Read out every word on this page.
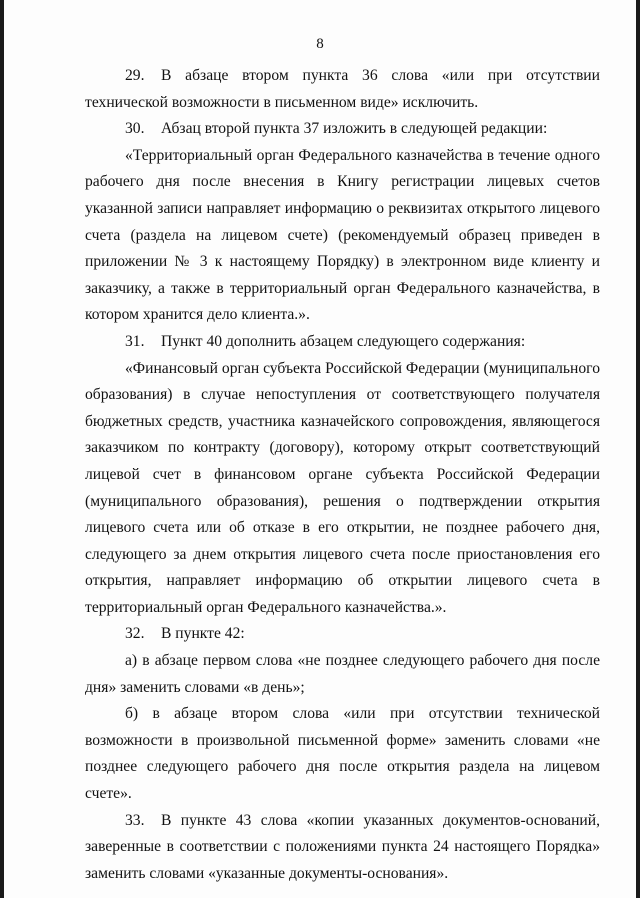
8

29. В абзаце втором пункта 36 слова «или при отсутствии технической возможности в письменном виде» исключить.

30. Абзац второй пункта 37 изложить в следующей редакции:

«Территориальный орган Федерального казначейства в течение одного рабочего дня после внесения в Книгу регистрации лицевых счетов указанной записи направляет информацию о реквизитах открытого лицевого счета (раздела на лицевом счете) (рекомендуемый образец приведен в приложении № 3 к настоящему Порядку) в электронном виде клиенту и заказчику, а также в территориальный орган Федерального казначейства, в котором хранится дело клиента.».

31. Пункт 40 дополнить абзацем следующего содержания:

«Финансовый орган субъекта Российской Федерации (муниципального образования) в случае непоступления от соответствующего получателя бюджетных средств, участника казначейского сопровождения, являющегося заказчиком по контракту (договору), которому открыт соответствующий лицевой счет в финансовом органе субъекта Российской Федерации (муниципального образования), решения о подтверждении открытия лицевого счета или об отказе в его открытии, не позднее рабочего дня, следующего за днем открытия лицевого счета после приостановления его открытия, направляет информацию об открытии лицевого счета в территориальный орган Федерального казначейства.».

32. В пункте 42:

а) в абзаце первом слова «не позднее следующего рабочего дня после дня» заменить словами «в день»;

б) в абзаце втором слова «или при отсутствии технической возможности в произвольной письменной форме» заменить словами «не позднее следующего рабочего дня после открытия раздела на лицевом счете».

33. В пункте 43 слова «копии указанных документов-оснований, заверенные в соответствии с положениями пункта 24 настоящего Порядка» заменить словами «указанные документы-основания».
